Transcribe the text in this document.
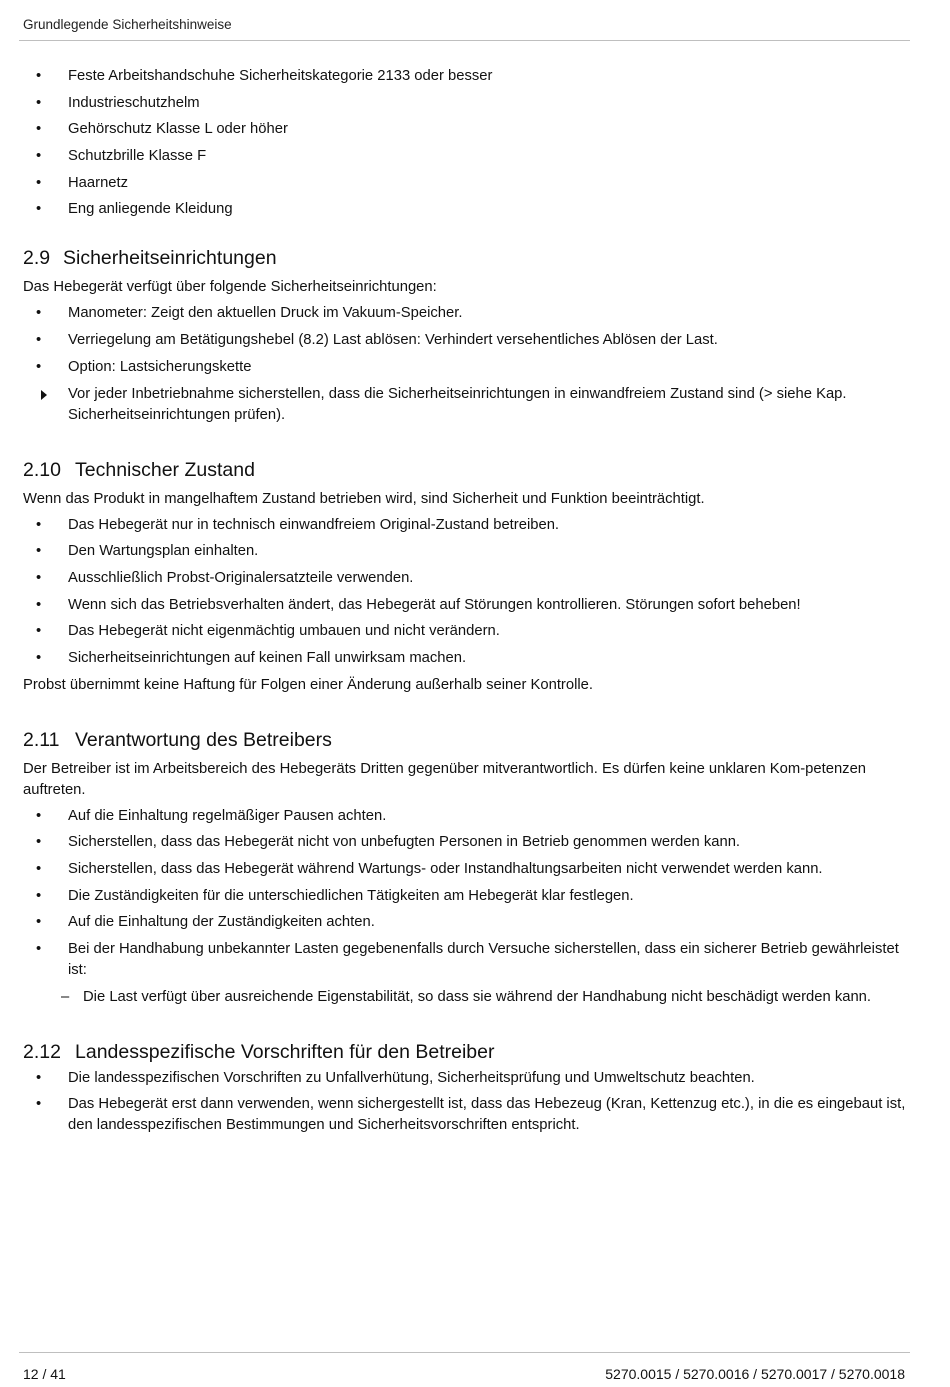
Grundlegende Sicherheitshinweise
• Feste Arbeitshandschuhe Sicherheitskategorie 2133 oder besser
• Industrieschutzhelm
• Gehörschutz Klasse L oder höher
• Schutzbrille Klasse F
• Haarnetz
• Eng anliegende Kleidung
2.9 Sicherheitseinrichtungen

Das Hebegerät verfügt über folgende Sicherheitseinrichtungen:

• Manometer: Zeigt den aktuellen Druck im Vakuum-Speicher.
• Verriegelung am Betätigungshebel (8.2) Last ablösen: Verhindert versehentliches Ablösen der Last.
• Option: Lastsicherungskette
Vor jeder Inbetriebnahme sicherstellen, dass die Sicherheitseinrichtungen in einwandfreiem Zustand sind (> siehe Kap. Sicherheitseinrichtungen prüfen).
2.10 Technischer Zustand

Wenn das Produkt in mangelhaftem Zustand betrieben wird, sind Sicherheit und Funktion beeinträchtigt.

• Das Hebegerät nur in technisch einwandfreiem Original-Zustand betreiben.
• Den Wartungsplan einhalten.
• Ausschließlich Probst-Originalersatzteile verwenden.
• Wenn sich das Betriebsverhalten ändert, das Hebegerät auf Störungen kontrollieren. Störungen sofort beheben!
• Das Hebegerät nicht eigenmächtig umbauen und nicht verändern.
• Sicherheitseinrichtungen auf keinen Fall unwirksam machen.

Probst übernimmt keine Haftung für Folgen einer Änderung außerhalb seiner Kontrolle.

2.11 Verantwortung des Betreibers

Der Betreiber ist im Arbeitsbereich des Hebegeräts Dritten gegenüber mitverantwortlich. Es dürfen keine unklaren Kom-petenzen auftreten.

• Auf die Einhaltung regelmäßiger Pausen achten.
• Sicherstellen, dass das Hebegerät nicht von unbefugten Personen in Betrieb genommen werden kann.
• Sicherstellen, dass das Hebegerät während Wartungs- oder Instandhaltungsarbeiten nicht verwendet werden kann.
• Die Zuständigkeiten für die unterschiedlichen Tätigkeiten am Hebegerät klar festlegen.
• Auf die Einhaltung der Zuständigkeiten achten.
• Bei der Handhabung unbekannter Lasten gegebenenfalls durch Versuche sicherstellen, dass ein sicherer Betrieb gewährleistet ist:
– Die Last verfügt über ausreichende Eigenstabilität, so dass sie während der Handhabung nicht beschädigt werden kann.
2.12 Landesspezifische Vorschriften für den Betreiber
• Die landesspezifischen Vorschriften zu Unfallverhütung, Sicherheitsprüfung und Umweltschutz beachten.
• Das Hebegerät erst dann verwenden, wenn sichergestellt ist, dass das Hebezeug (Kran, Kettenzug etc.), in die es eingebaut ist, den landesspezifischen Bestimmungen und Sicherheitsvorschriften entspricht.
12 / 41	5270.0015 / 5270.0016 / 5270.0017 / 5270.0018
